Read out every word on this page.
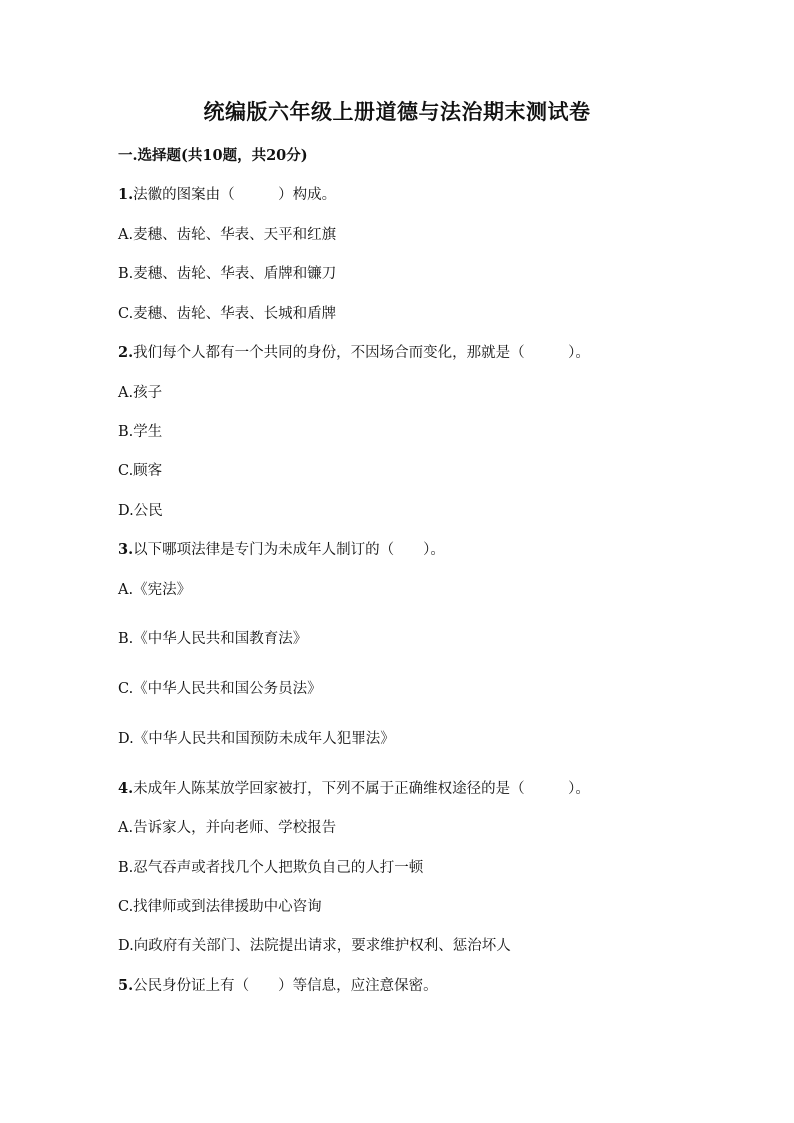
统编版六年级上册道德与法治期末测试卷
一.选择题(共10题，共20分)
1.法徽的图案由（　　　）构成。
A.麦穗、齿轮、华表、天平和红旗
B.麦穗、齿轮、华表、盾牌和镰刀
C.麦穗、齿轮、华表、长城和盾牌
2.我们每个人都有一个共同的身份，不因场合而变化，那就是（　　　）。
A.孩子
B.学生
C.顾客
D.公民
3.以下哪项法律是专门为未成年人制订的（　　）。
A.《宪法》
B.《中华人民共和国教育法》
C.《中华人民共和国公务员法》
D.《中华人民共和国预防未成年人犯罪法》
4.未成年人陈某放学回家被打，下列不属于正确维权途径的是（　　　）。
A.告诉家人，并向老师、学校报告
B.忍气吞声或者找几个人把欺负自己的人打一顿
C.找律师或到法律援助中心咨询
D.向政府有关部门、法院提出请求，要求维护权利、惩治坏人
5.公民身份证上有（　　）等信息，应注意保密。
